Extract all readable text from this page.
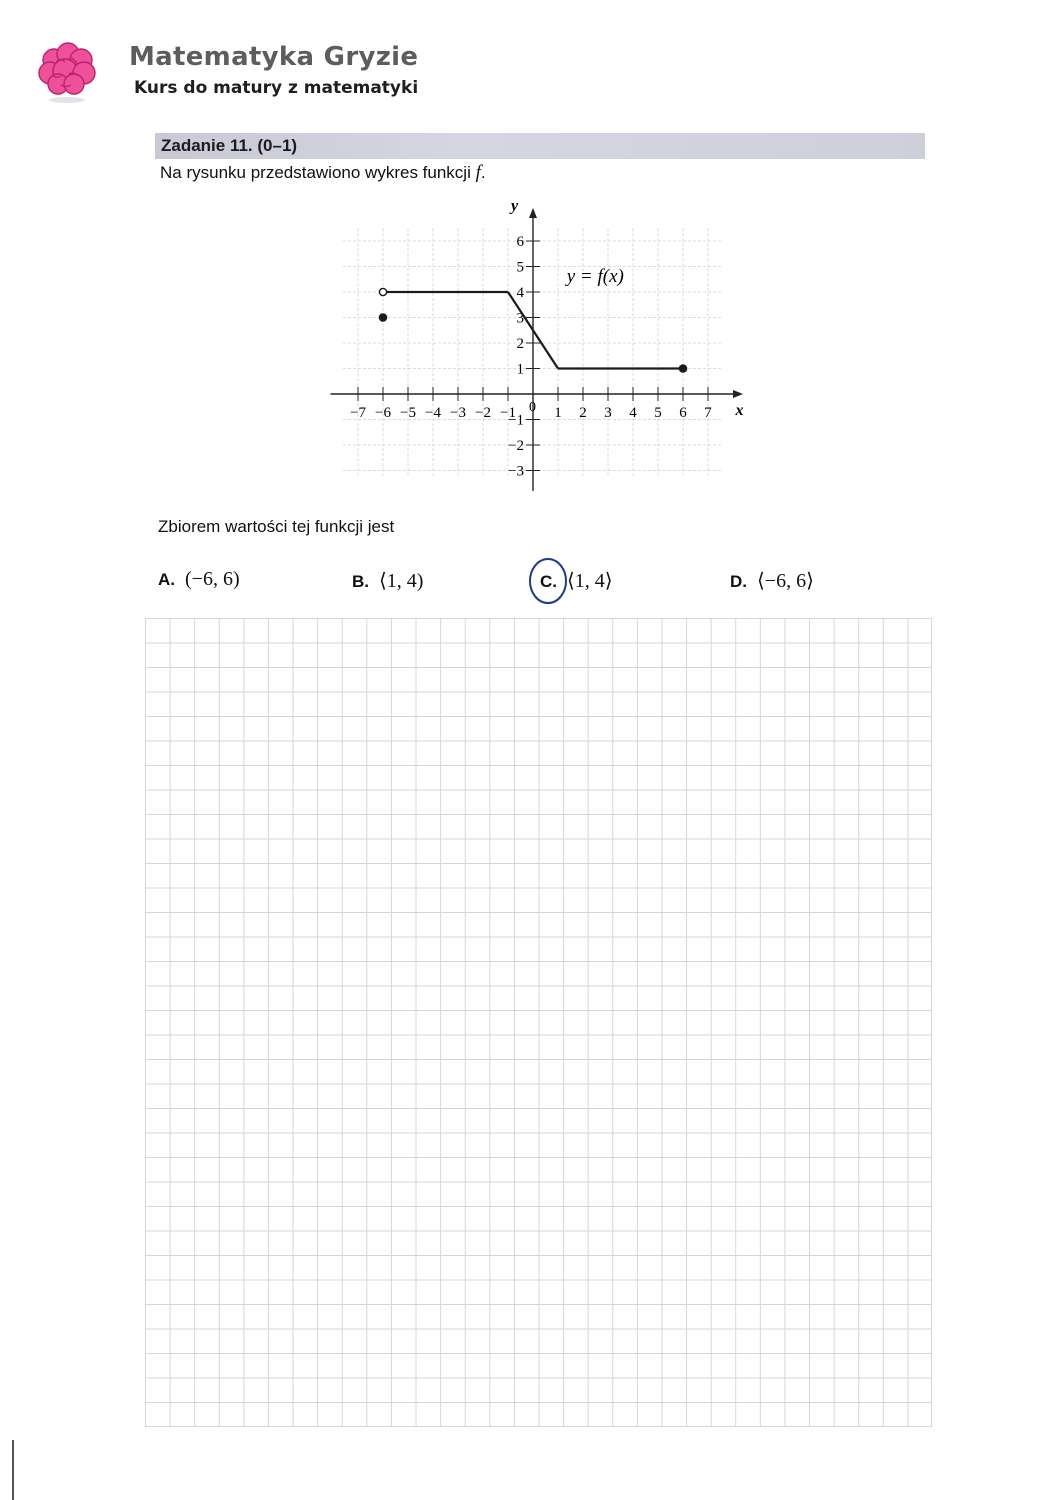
Matematyka Gryzie
Kurs do matury z matematyki
Zadanie 11. (0–1)
Na rysunku przedstawiono wykres funkcji f.
x
y
−7 −6 −5 −4 −3 −2 −1	1 2 3 4 5 6 7
6
5
4
3
2
1
−1
−2
−3
0
y = f(x)
Zbiorem wartości tej funkcji jest
A. (−6, 6)	B. ⟨1, 4)	C. ⟨1, 4⟩	D. ⟨−6, 6⟩
